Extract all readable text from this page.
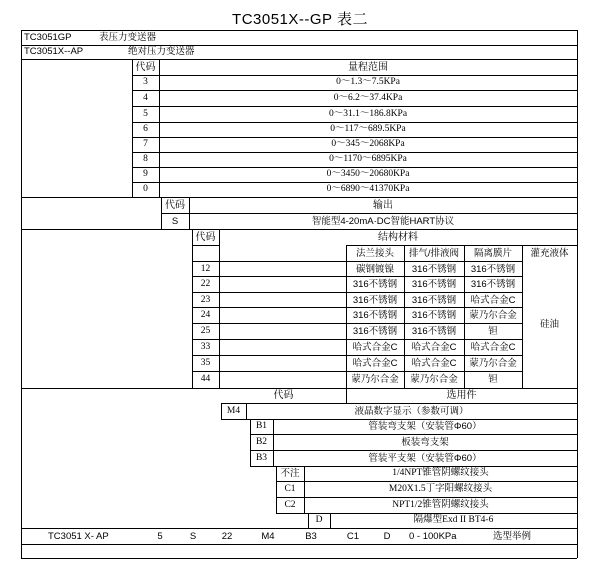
TC3051X--GP 表二
TC3051GP	表压力变送器
TC3051X--AP	绝对压力变送器
代码	量程范围
3	0～1.3～7.5KPa
4	0～6.2～37.4KPa
5	0～31.1～186.8KPa
6	0～117～689.5KPa
7	0～345～2068KPa
8	0～1170～6895KPa
9	0～3450～20680KPa
0	0～6890～41370KPa
代码	输出
S	智能型4-20mA·DC智能HART协议
代码	结构材料
法兰接头	排气/排液阀	隔离膜片	灌充液体
硅油
12	碳钢镀镍	316不锈钢	316不锈钢
22	316不锈钢	316不锈钢	316不锈钢
23	316不锈钢	316不锈钢	哈式合金C
24	316不锈钢	316不锈钢	蒙乃尔合金
25	316不锈钢	316不锈钢	钽
33	哈式合金C	哈式合金C	哈式合金C
35	哈式合金C	哈式合金C	蒙乃尔合金
44	蒙乃尔合金	蒙乃尔合金	钽
代码	选用件
M4	液晶数字显示（参数可调）
B1	管装弯支架（安装管Φ60）
B2	板装弯支架
B3	管装平支架（安装管Φ60）
不注	1/4NPT锥管阴螺纹接头
C1	M20X1.5丁字阳螺纹接头
C2	NPT1/2锥管阴螺纹接头
D	隔爆型Exd II BT4-6
TC3051 X- AP	5	S	22	M4	B3	C1	D	0 - 100KPa	选型举例
